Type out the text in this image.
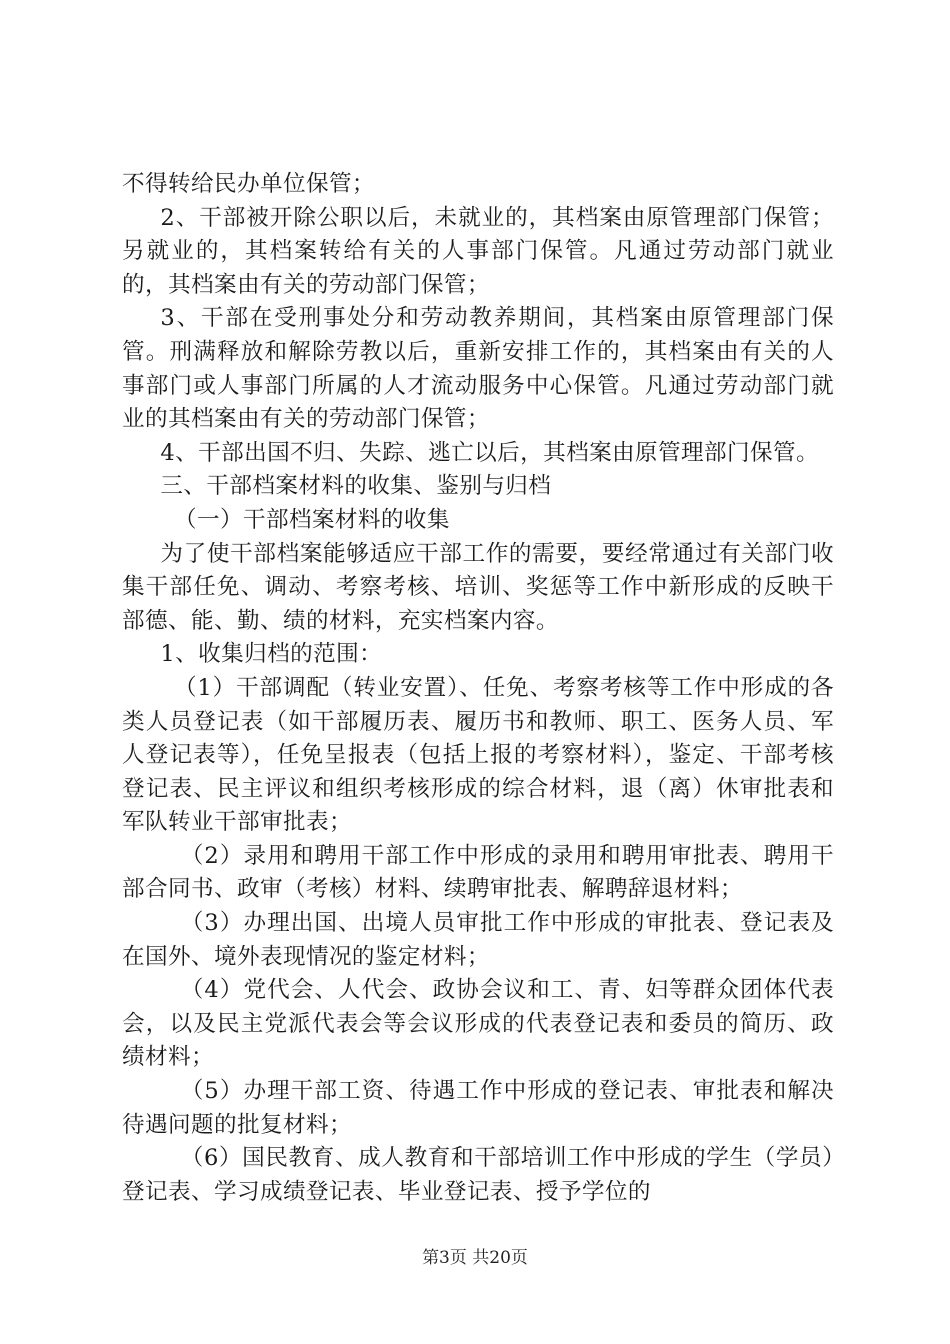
不得转给民办单位保管；

2、干部被开除公职以后，未就业的，其档案由原管理部门保管；另就业的，其档案转给有关的人事部门保管。凡通过劳动部门就业的，其档案由有关的劳动部门保管；

3、干部在受刑事处分和劳动教养期间，其档案由原管理部门保管。刑满释放和解除劳教以后，重新安排工作的，其档案由有关的人事部门或人事部门所属的人才流动服务中心保管。凡通过劳动部门就业的其档案由有关的劳动部门保管；

4、干部出国不归、失踪、逃亡以后，其档案由原管理部门保管。

三、干部档案材料的收集、鉴别与归档

（一）干部档案材料的收集

为了使干部档案能够适应干部工作的需要，要经常通过有关部门收集干部任免、调动、考察考核、培训、奖惩等工作中新形成的反映干部德、能、勤、绩的材料，充实档案内容。

1、收集归档的范围：

（1）干部调配（转业安置）、任免、考察考核等工作中形成的各类人员登记表（如干部履历表、履历书和教师、职工、医务人员、军人登记表等），任免呈报表（包括上报的考察材料），鉴定、干部考核登记表、民主评议和组织考核形成的综合材料，退（离）休审批表和军队转业干部审批表；

（2）录用和聘用干部工作中形成的录用和聘用审批表、聘用干部合同书、政审（考核）材料、续聘审批表、解聘辞退材料；

（3）办理出国、出境人员审批工作中形成的审批表、登记表及在国外、境外表现情况的鉴定材料；

（4）党代会、人代会、政协会议和工、青、妇等群众团体代表会，以及民主党派代表会等会议形成的代表登记表和委员的简历、政绩材料；

（5）办理干部工资、待遇工作中形成的登记表、审批表和解决待遇问题的批复材料；

（6）国民教育、成人教育和干部培训工作中形成的学生（学员）登记表、学习成绩登记表、毕业登记表、授予学位的

第3页 共20页
